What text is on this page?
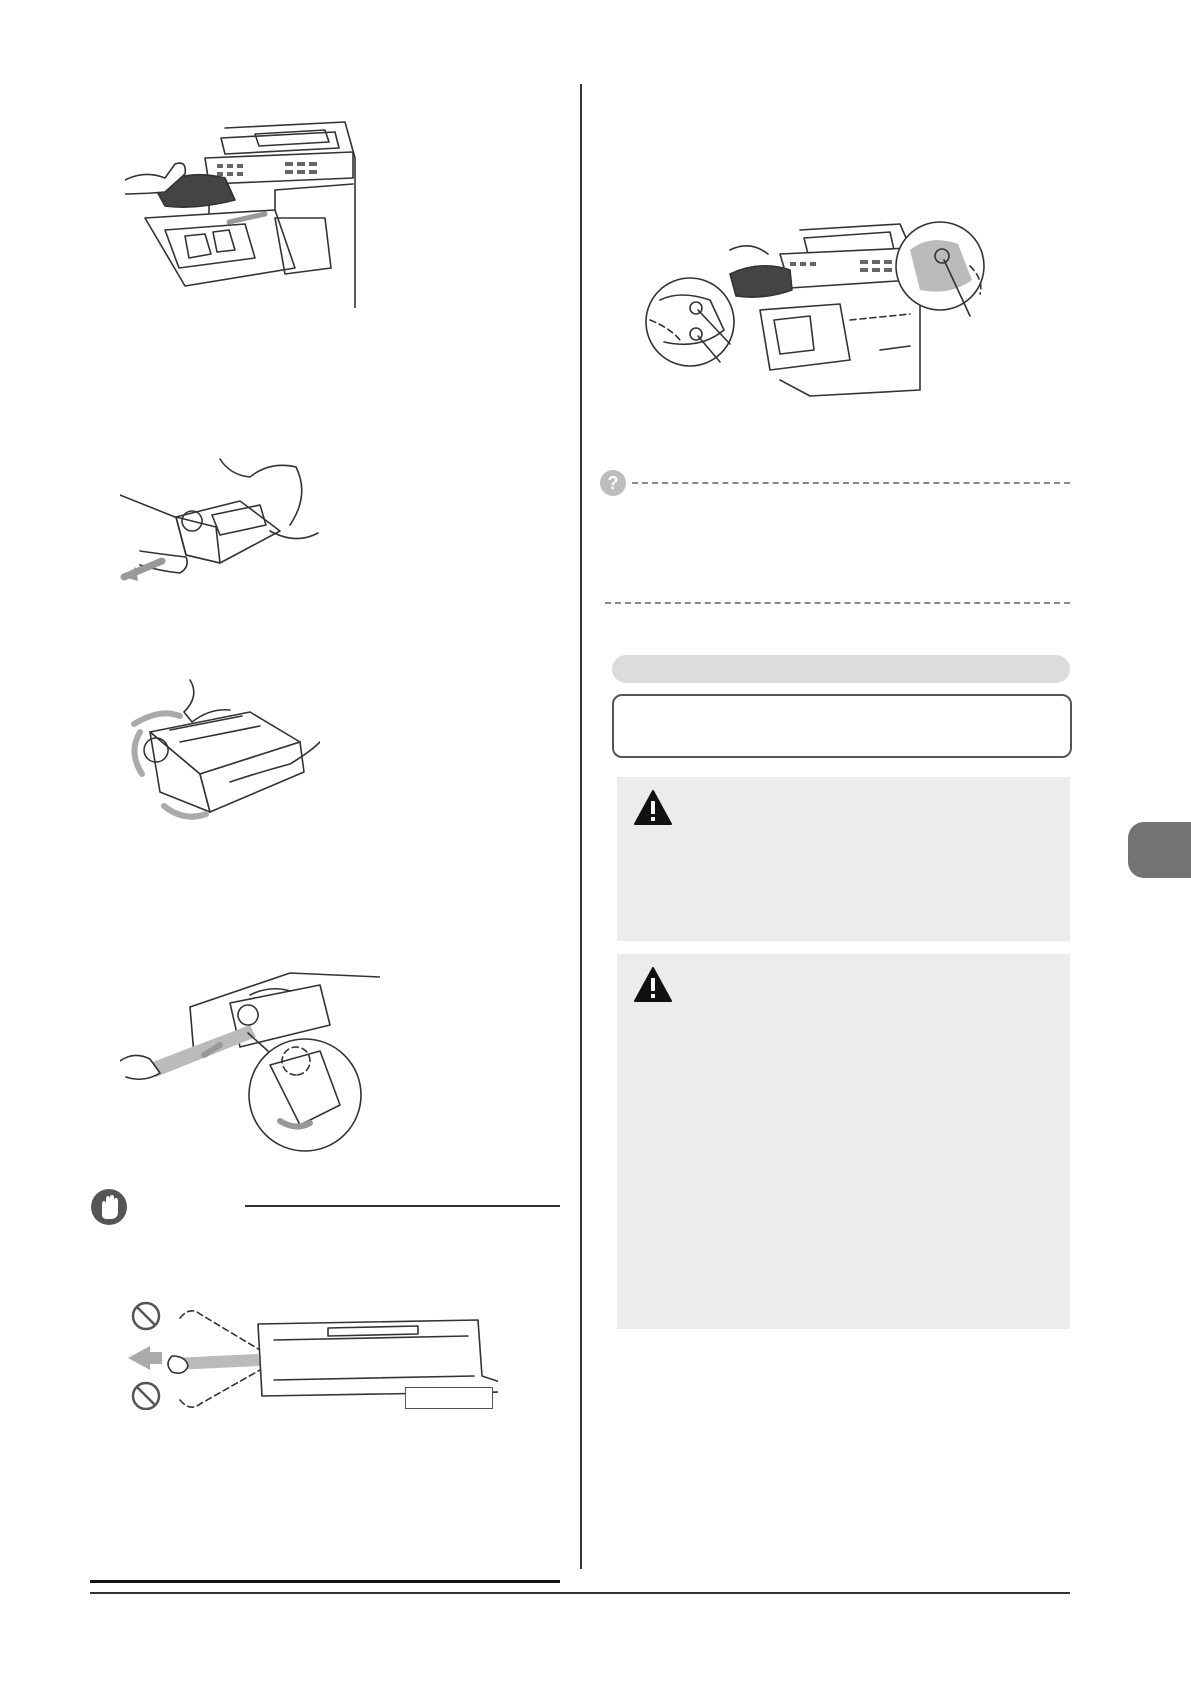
?
